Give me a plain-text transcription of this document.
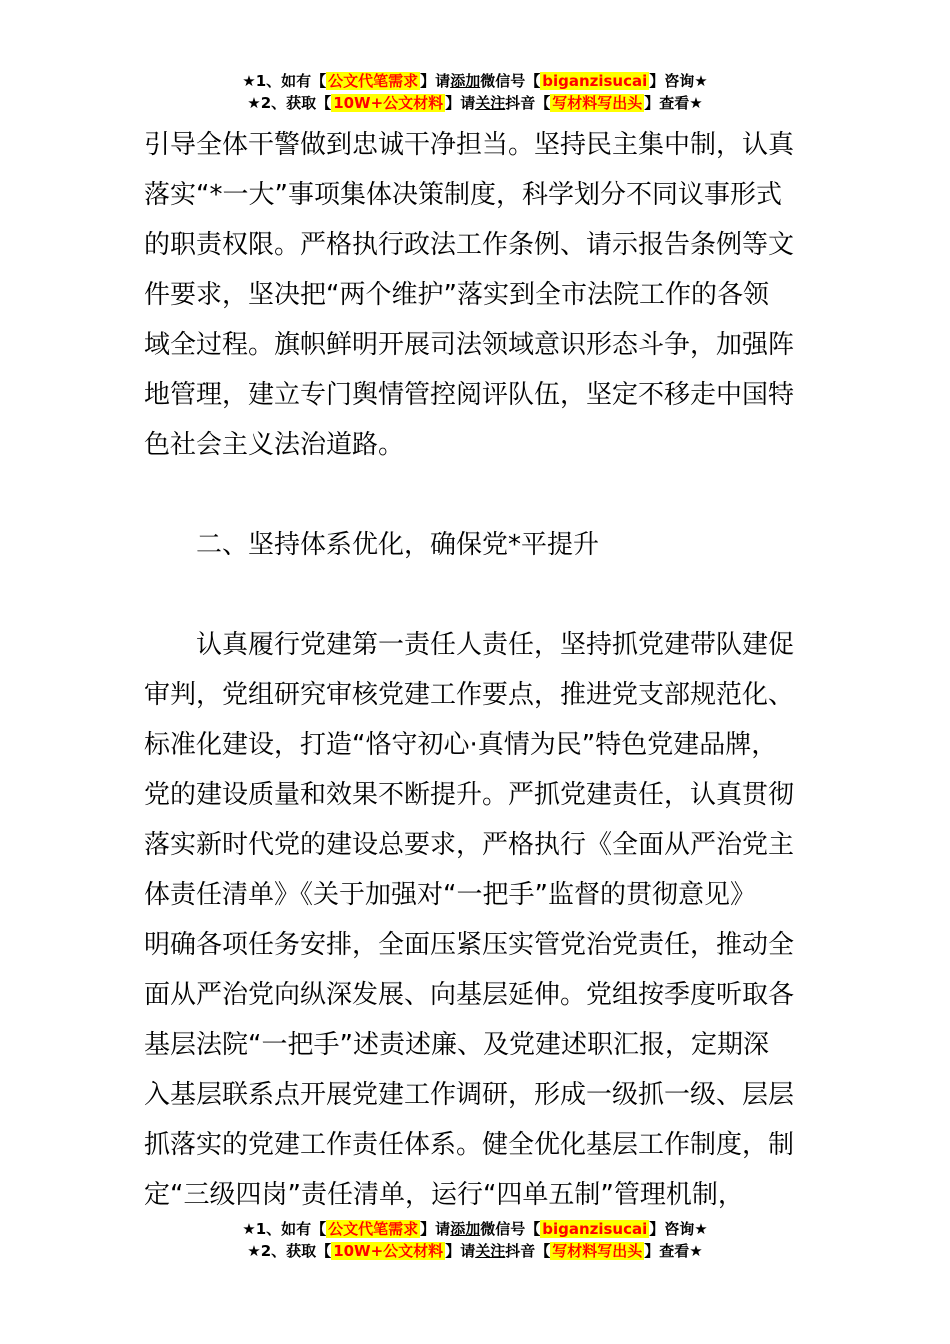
★1、如有【 公文代笔需求 】请添加微信号【 biganzisucai 】咨询★
★2、获取【 10W+公文材料 】请关注抖音【 写材料写出头 】查看★

引导全体干警做到忠诚干净担当。坚持民主集中制，认真

落实“*一大”事项集体决策制度，科学划分不同议事形式

的职责权限。严格执行政法工作条例、请示报告条例等文

件要求，坚决把“两个维护”落实到全市法院工作的各领

域全过程。旗帜鲜明开展司法领域意识形态斗争，加强阵

地管理，建立专门舆情管控阅评队伍，坚定不移走中国特

色社会主义法治道路。

二、坚持体系优化，确保党*平提升

认真履行党建第一责任人责任，坚持抓党建带队建促

审判，党组研究审核党建工作要点，推进党支部规范化、

标准化建设，打造“恪守初心·真情为民”特色党建品牌，

党的建设质量和效果不断提升。严抓党建责任，认真贯彻

落实新时代党的建设总要求，严格执行《全面从严治党主

体责任清单》《关于加强对“一把手”监督的贯彻意见》

明确各项任务安排，全面压紧压实管党治党责任，推动全

面从严治党向纵深发展、向基层延伸。党组按季度听取各

基层法院“一把手”述责述廉、及党建述职汇报，定期深

入基层联系点开展党建工作调研，形成一级抓一级、层层

抓落实的党建工作责任体系。健全优化基层工作制度，制

定“三级四岗”责任清单，运行“四单五制”管理机制，

★1、如有【 公文代笔需求 】请添加微信号【 biganzisucai 】咨询★
★2、获取【 10W+公文材料 】请关注抖音【 写材料写出头 】查看★
